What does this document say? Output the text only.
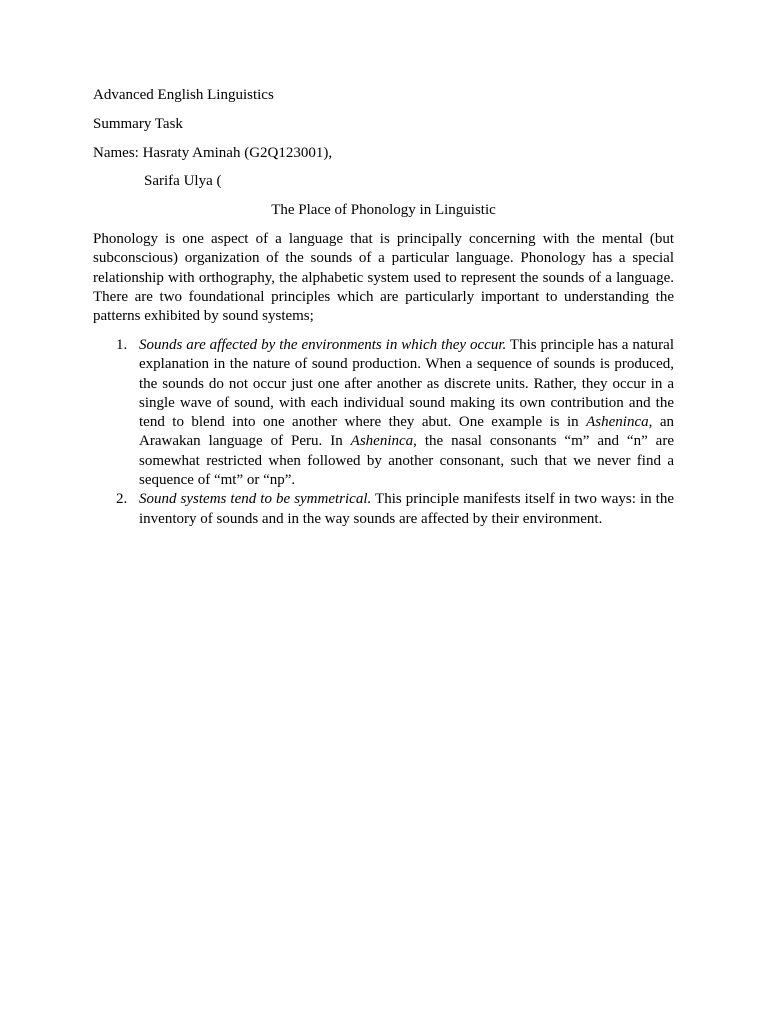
Advanced English Linguistics

Summary Task

Names: Hasraty Aminah (G2Q123001),

Sarifa Ulya (

The Place of Phonology in Linguistic

Phonology is one aspect of a language that is principally concerning with the mental (but subconscious) organization of the sounds of a particular language. Phonology has a special relationship with orthography, the alphabetic system used to represent the sounds of a language. There are two foundational principles which are particularly important to understanding the patterns exhibited by sound systems;

1. Sounds are affected by the environments in which they occur. This principle has a natural explanation in the nature of sound production. When a sequence of sounds is produced, the sounds do not occur just one after another as discrete units. Rather, they occur in a single wave of sound, with each individual sound making its own contribution and the tend to blend into one another where they abut. One example is in Asheninca, an Arawakan language of Peru. In Asheninca, the nasal consonants “m” and “n” are somewhat restricted when followed by another consonant, such that we never find a sequence of “mt” or “np”.
2. Sound systems tend to be symmetrical. This principle manifests itself in two ways: in the inventory of sounds and in the way sounds are affected by their environment.
